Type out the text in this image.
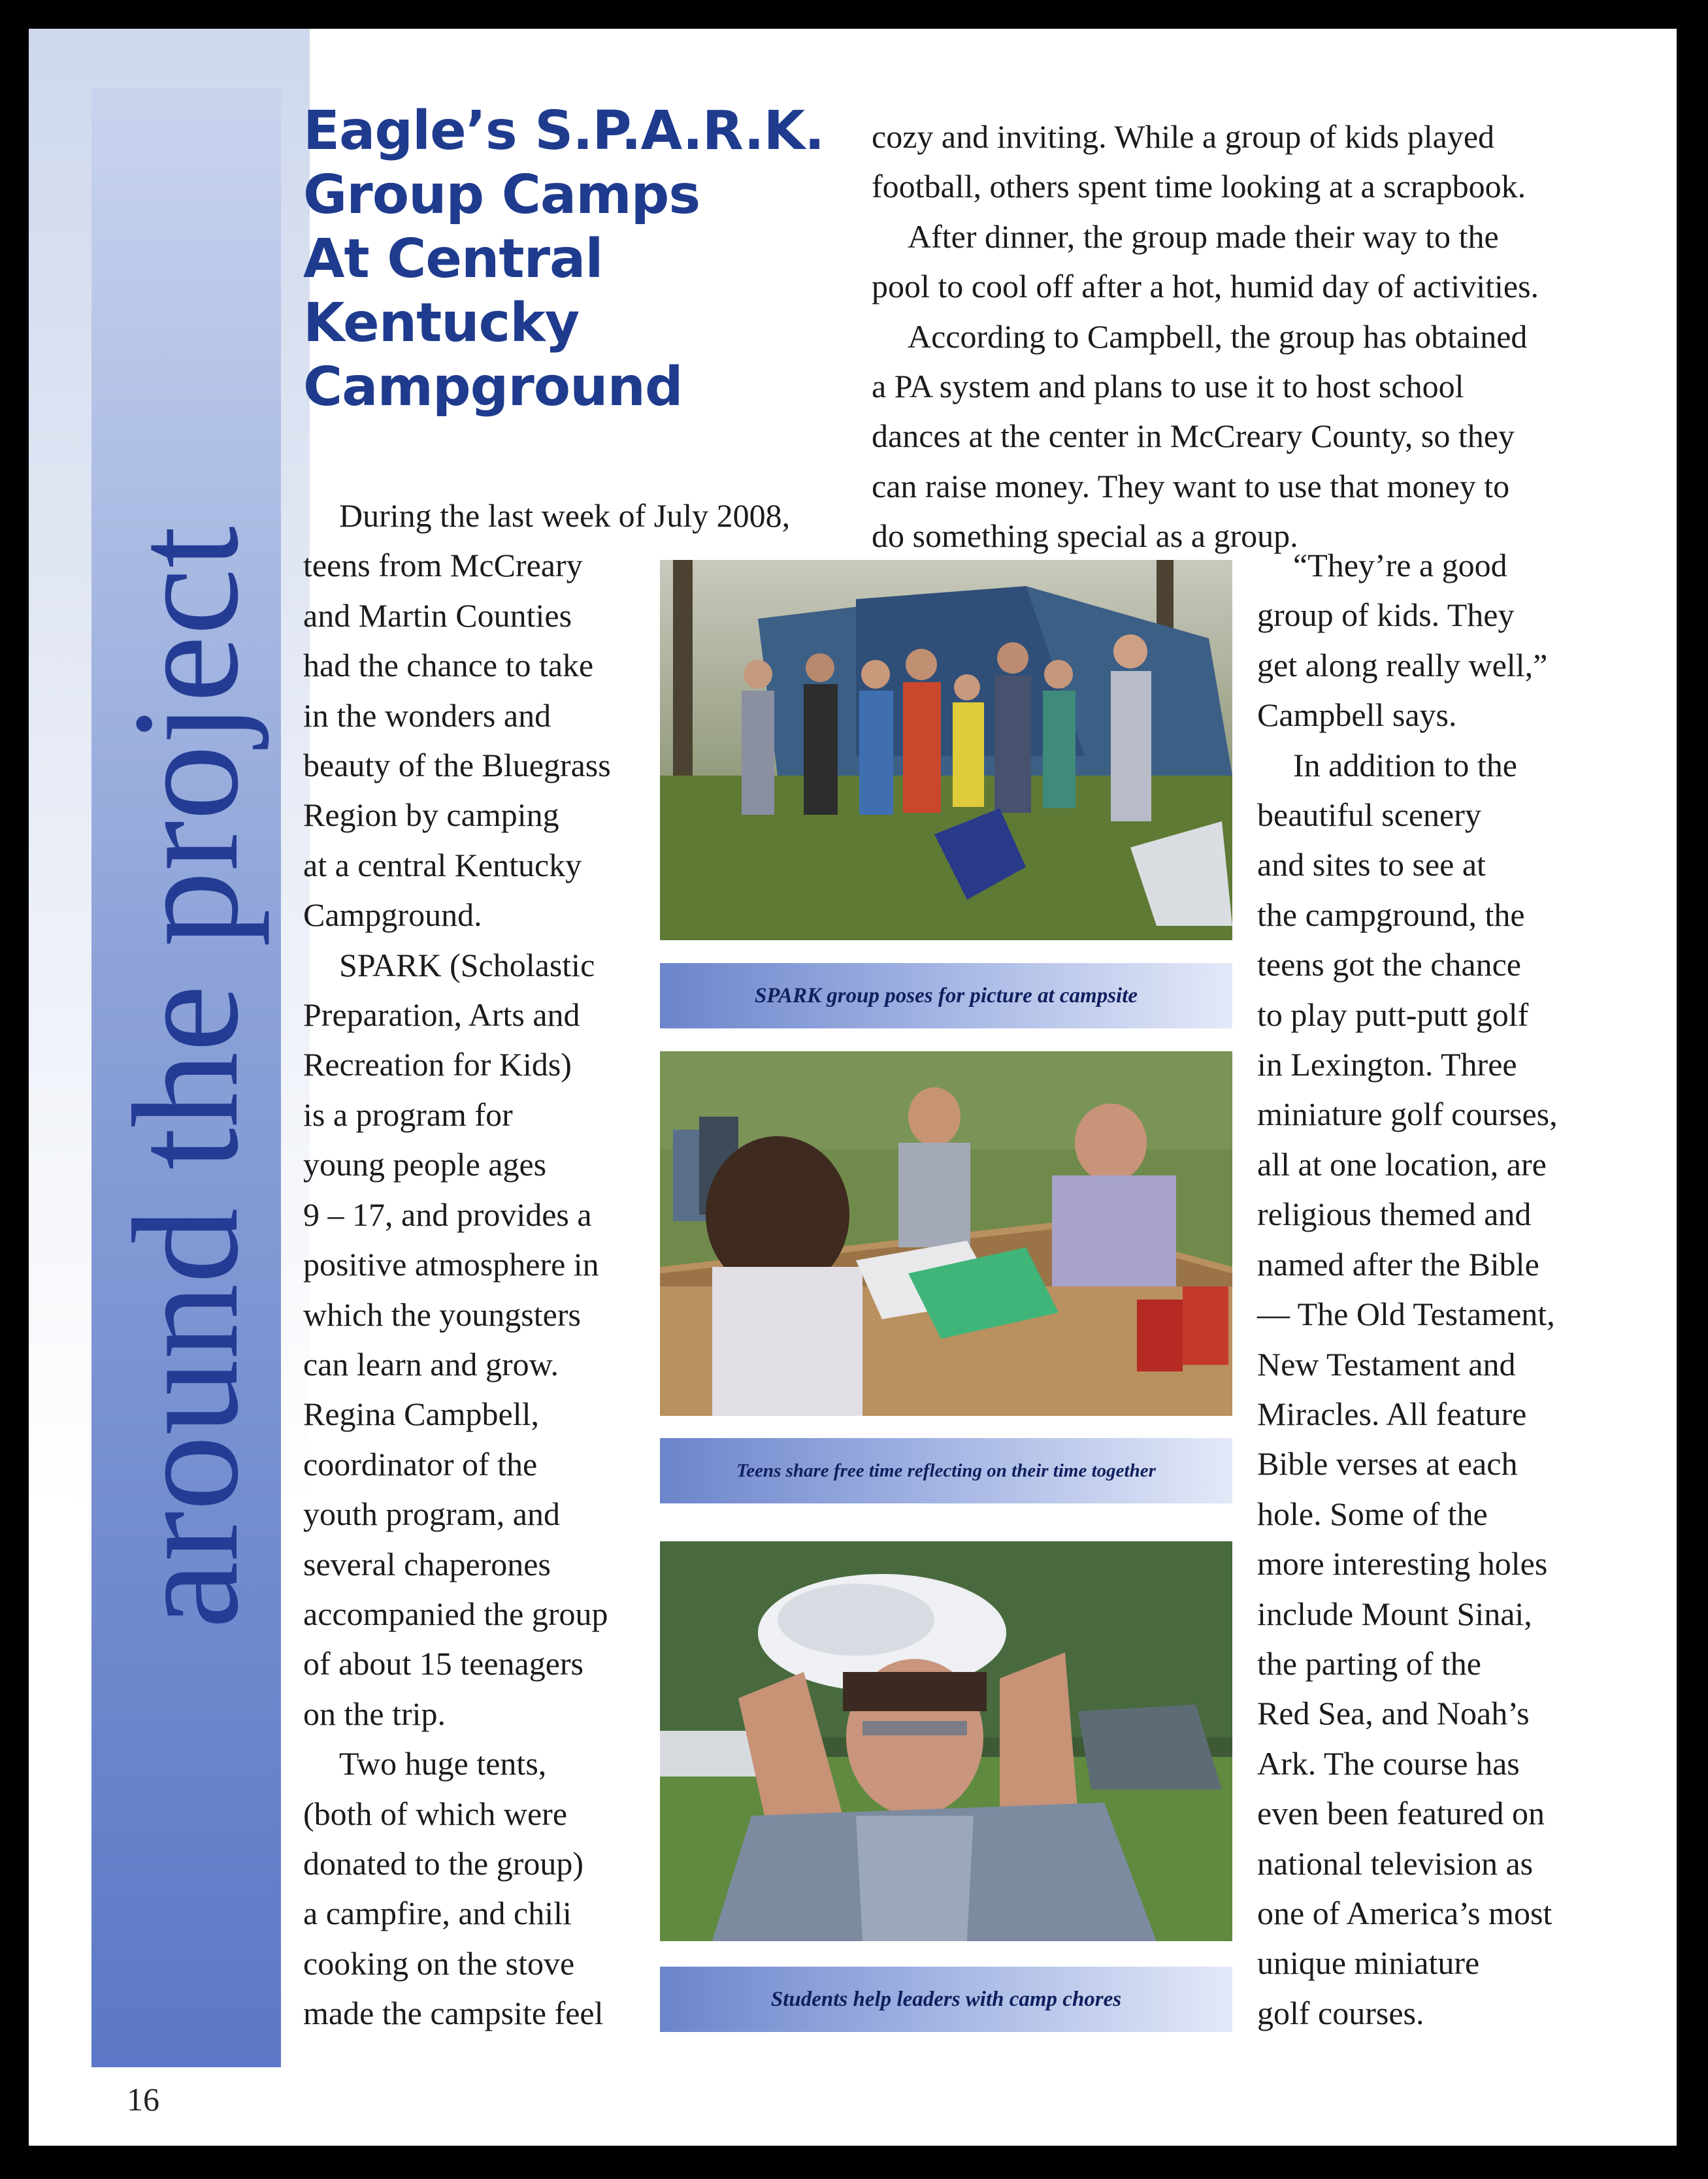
around the project
Eagle’s S.P.A.R.K.
Group Camps
At Central
Kentucky
Campground

During the last week of July 2008,

teens from McCreary

and Martin Counties

had the chance to take

in the wonders and

beauty of the Bluegrass

Region by camping

at a central Kentucky

Campground.

SPARK (Scholastic

Preparation, Arts and

Recreation for Kids)

is a program for

young people ages

9 – 17, and provides a

positive atmosphere in

which the youngsters

can learn and grow.

Regina Campbell,

coordinator of the

youth program, and

several chaperones

accompanied the group

of about 15 teenagers

on the trip.

Two huge tents,

(both of which were

donated to the group)

a campfire, and chili

cooking on the stove

made the campsite feel

cozy and inviting. While a group of kids played

football, others spent time looking at a scrapbook.

After dinner, the group made their way to the

pool to cool off after a hot, humid day of activities.

According to Campbell, the group has obtained

a PA system and plans to use it to host school

dances at the center in McCreary County, so they

can raise money. They want to use that money to

do something special as a group.

“They’re a good

group of kids. They

get along really well,”

Campbell says.

In addition to the

beautiful scenery

and sites to see at

the campground, the

teens got the chance

to play putt-putt golf

in Lexington. Three

miniature golf courses,

all at one location, are

religious themed and

named after the Bible

— The Old Testament,

New Testament and

Miracles. All feature

Bible verses at each

hole. Some of the

more interesting holes

include Mount Sinai,

the parting of the

Red Sea, and Noah’s

Ark. The course has

even been featured on

national television as

one of America’s most

unique miniature

golf courses.

SPARK group poses for picture at campsite
Teens share free time reflecting on their time together
Students help leaders with camp chores
16
